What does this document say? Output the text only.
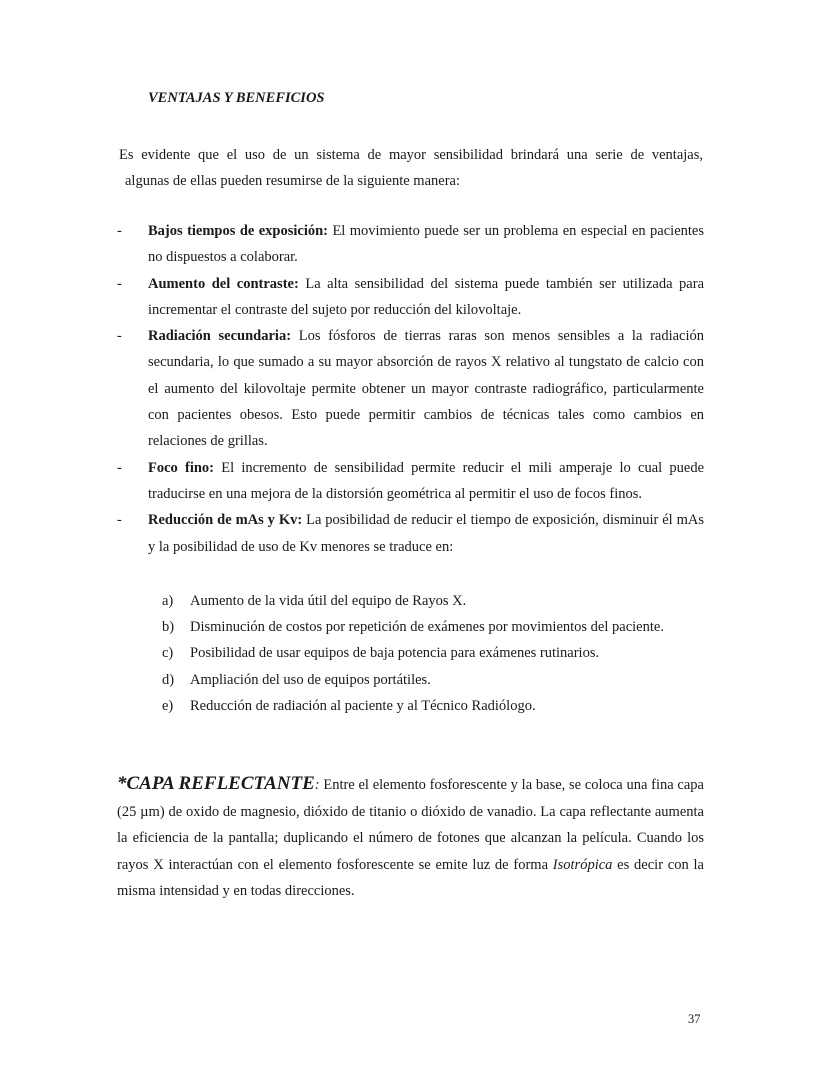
VENTAJAS Y BENEFICIOS
Es evidente que el uso de un sistema de mayor sensibilidad brindará una serie de ventajas,
algunas de ellas pueden resumirse de la siguiente manera:
- Bajos tiempos de exposición: El movimiento puede ser un problema en especial en pacientes no dispuestos a colaborar.
- Aumento del contraste: La alta sensibilidad del sistema puede también ser utilizada para incrementar el contraste del sujeto por reducción del kilovoltaje.
- Radiación secundaria: Los fósforos de tierras raras son menos sensibles a la radiación secundaria, lo que sumado a su mayor absorción de rayos X relativo al tungstato de calcio con el aumento del kilovoltaje permite obtener un mayor contraste radiográfico, particularmente con pacientes obesos. Esto puede permitir cambios de técnicas tales como cambios en relaciones de grillas.
- Foco fino: El incremento de sensibilidad permite reducir el mili amperaje lo cual puede traducirse en una mejora de la distorsión geométrica al permitir el uso de focos finos.
- Reducción de mAs y Kv: La posibilidad de reducir el tiempo de exposición, disminuir él mAs y la posibilidad de uso de Kv menores se traduce en:
a) Aumento de la vida útil del equipo de Rayos X.
b) Disminución de costos por repetición de exámenes por movimientos del paciente.
c) Posibilidad de usar equipos de baja potencia para exámenes rutinarios.
d) Ampliación del uso de equipos portátiles.
e) Reducción de radiación al paciente y al Técnico Radiólogo.
*CAPA REFLECTANTE: Entre el elemento fosforescente y la base, se coloca una fina capa (25 µm) de oxido de magnesio, dióxido de titanio o dióxido de vanadio. La capa reflectante aumenta la eficiencia de la pantalla; duplicando el número de fotones que alcanzan la película. Cuando los rayos X interactúan con el elemento fosforescente se emite luz de forma Isotrópica es decir con la misma intensidad y en todas direcciones.
37
